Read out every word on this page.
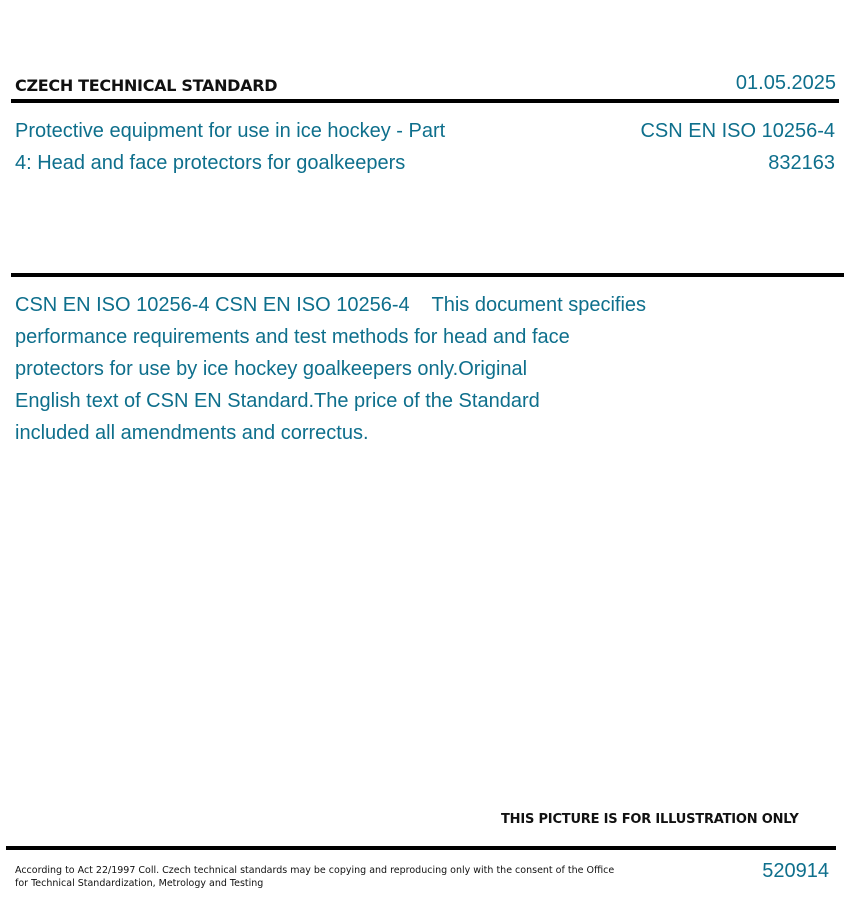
CZECH TECHNICAL STANDARD	01.05.2025
Protective equipment for use in ice hockey - Part
4: Head and face protectors for goalkeepers
CSN EN ISO 10256-4
832163
CSN EN ISO 10256-4 CSN EN ISO 10256-4    This document specifies
performance requirements and test methods for head and face
protectors for use by ice hockey goalkeepers only.Original
English text of CSN EN Standard.The price of the Standard
included all amendments and correctus.
THIS PICTURE IS FOR ILLUSTRATION ONLY
According to Act 22/1997 Coll. Czech technical standards may be copying and reproducing only with the consent of the Office
for Technical Standardization, Metrology and Testing
520914
